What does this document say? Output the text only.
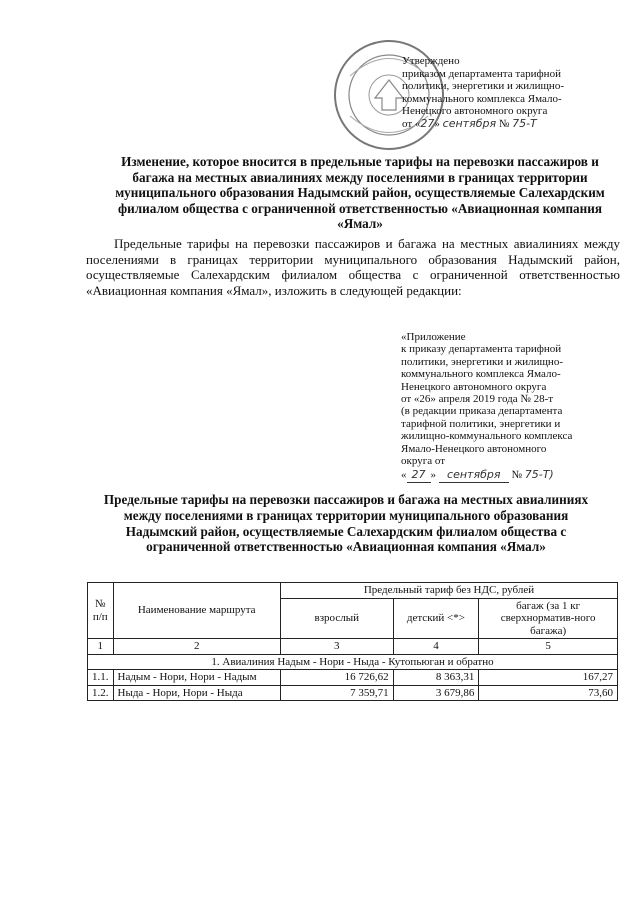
Утверждено
приказом департамента тарифной
политики, энергетики и жилищно-
коммунального комплекса Ямало-
Ненецкого автономного округа
от «27» сентября № 75-Т
Изменение, которое вносится в предельные тарифы на перевозки пассажиров и багажа на местных авиалиниях между поселениями в границах территории муниципального образования Надымский район, осуществляемые Салехардским филиалом общества с ограниченной ответственностью «Авиационная компания «Ямал»
Предельные тарифы на перевозки пассажиров и багажа на местных авиалиниях между поселениями в границах территории муниципального образования Надымский район, осуществляемые Салехардским филиалом общества с ограниченной ответственностью «Авиационная компания «Ямал», изложить в следующей редакции:
«Приложение
к приказу департамента тарифной
политики, энергетики и жилищно-
коммунального комплекса Ямало-
Ненецкого автономного округа
от «26» апреля 2019 года № 28-т
(в редакции приказа департамента
тарифной политики, энергетики и
жилищно-коммунального комплекса
Ямало-Ненецкого автономного
округа от
« 27 » сентября № 75-Т)
Предельные тарифы на перевозки пассажиров и багажа на местных авиалиниях между поселениями в границах территории муниципального образования Надымский район, осуществляемые Салехардским филиалом общества с ограниченной ответственностью «Авиационная компания «Ямал»
№ п/п	Наименование маршрута	Предельный тариф без НДС, рублей		
		взрослый	детский <*>	багаж (за 1 кг сверхнорматив-ного багажа)
1	2	3	4	5
1. Авиалиния Надым - Нори - Ныда - Кутопьюган и обратно				
1.1.	Надым - Нори, Нори - Надым	16 726,62	8 363,31	167,27
1.2.	Ныда - Нори, Нори - Ныда	7 359,71	3 679,86	73,60
